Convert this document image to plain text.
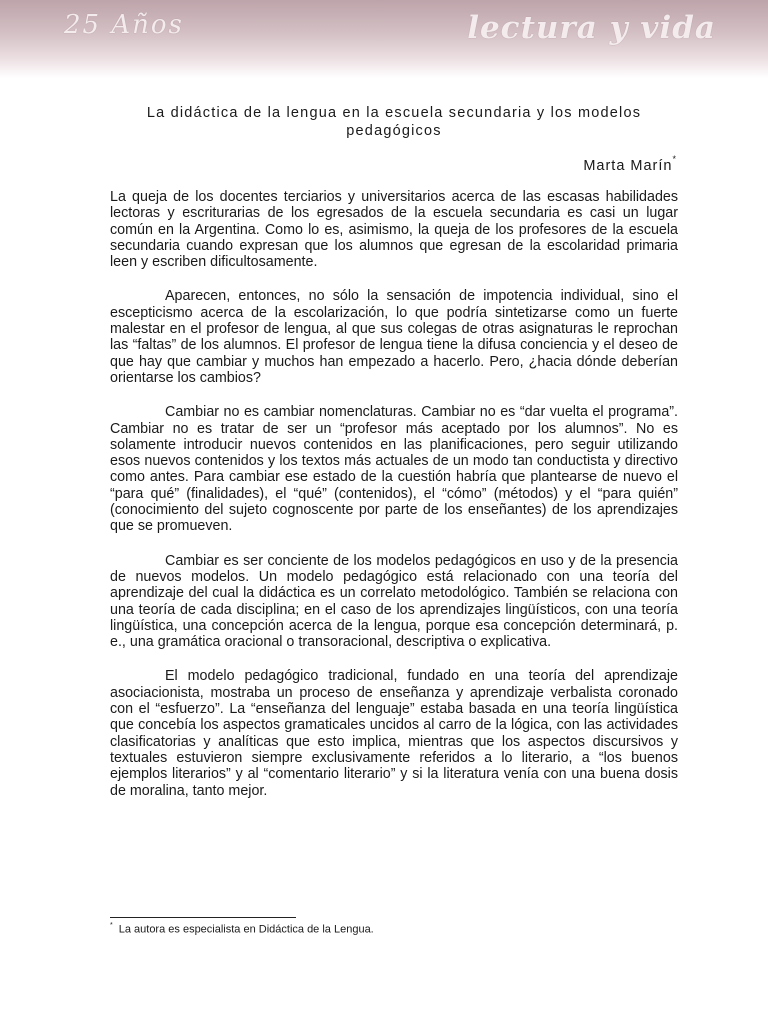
25 Años	lectura y vida
La didáctica de la lengua en la escuela secundaria y los modelos pedagógicos
Marta Marín*

La queja de los docentes terciarios y universitarios acerca de las escasas habilidades lectoras y escriturarias de los egresados de la escuela secundaria es casi un lugar común en la Argentina. Como lo es, asimismo, la queja de los profesores de la escuela secundaria cuando expresan que los alumnos que egresan de la escolaridad primaria leen y escriben dificultosamente.

Aparecen, entonces, no sólo la sensación de impotencia individual, sino el escepticismo acerca de la escolarización, lo que podría sintetizarse como un fuerte malestar en el profesor de lengua, al que sus colegas de otras asignaturas le reprochan las “faltas” de los alumnos. El profesor de lengua tiene la difusa conciencia y el deseo de que hay que cambiar y muchos han empezado a hacerlo. Pero, ¿hacia dónde deberían orientarse los cambios?

Cambiar no es cambiar nomenclaturas. Cambiar no es “dar vuelta el programa”. Cambiar no es tratar de ser un “profesor más aceptado por los alumnos”. No es solamente introducir nuevos contenidos en las planificaciones, pero seguir utilizando esos nuevos contenidos y los textos más actuales de un modo tan conductista y directivo como antes. Para cambiar ese estado de la cuestión habría que plantearse de nuevo el “para qué” (finalidades), el “qué” (contenidos), el “cómo” (métodos) y el “para quién” (conocimiento del sujeto cognoscente por parte de los enseñantes) de los aprendizajes que se promueven.

Cambiar es ser conciente de los modelos pedagógicos en uso y de la presencia de nuevos modelos. Un modelo pedagógico está relacionado con una teoría del aprendizaje del cual la didáctica es un correlato metodológico. También se relaciona con una teoría de cada disciplina; en el caso de los aprendizajes lingüísticos, con una teoría lingüística, una concepción acerca de la lengua, porque esa concepción determinará, p. e., una gramática oracional o transoracional, descriptiva o explicativa.

El modelo pedagógico tradicional, fundado en una teoría del aprendizaje asociacionista, mostraba un proceso de enseñanza y aprendizaje verbalista coronado con el “esfuerzo”. La “enseñanza del lenguaje” estaba basada en una teoría lingüística que concebía los aspectos gramaticales uncidos al carro de la lógica, con las actividades clasificatorias y analíticas que esto implica, mientras que los aspectos discursivos y textuales estuvieron siempre exclusivamente referidos a lo literario, a “los buenos ejemplos literarios” y al “comentario literario” y si la literatura venía con una buena dosis de moralina, tanto mejor.

* La autora es especialista en Didáctica de la Lengua.
